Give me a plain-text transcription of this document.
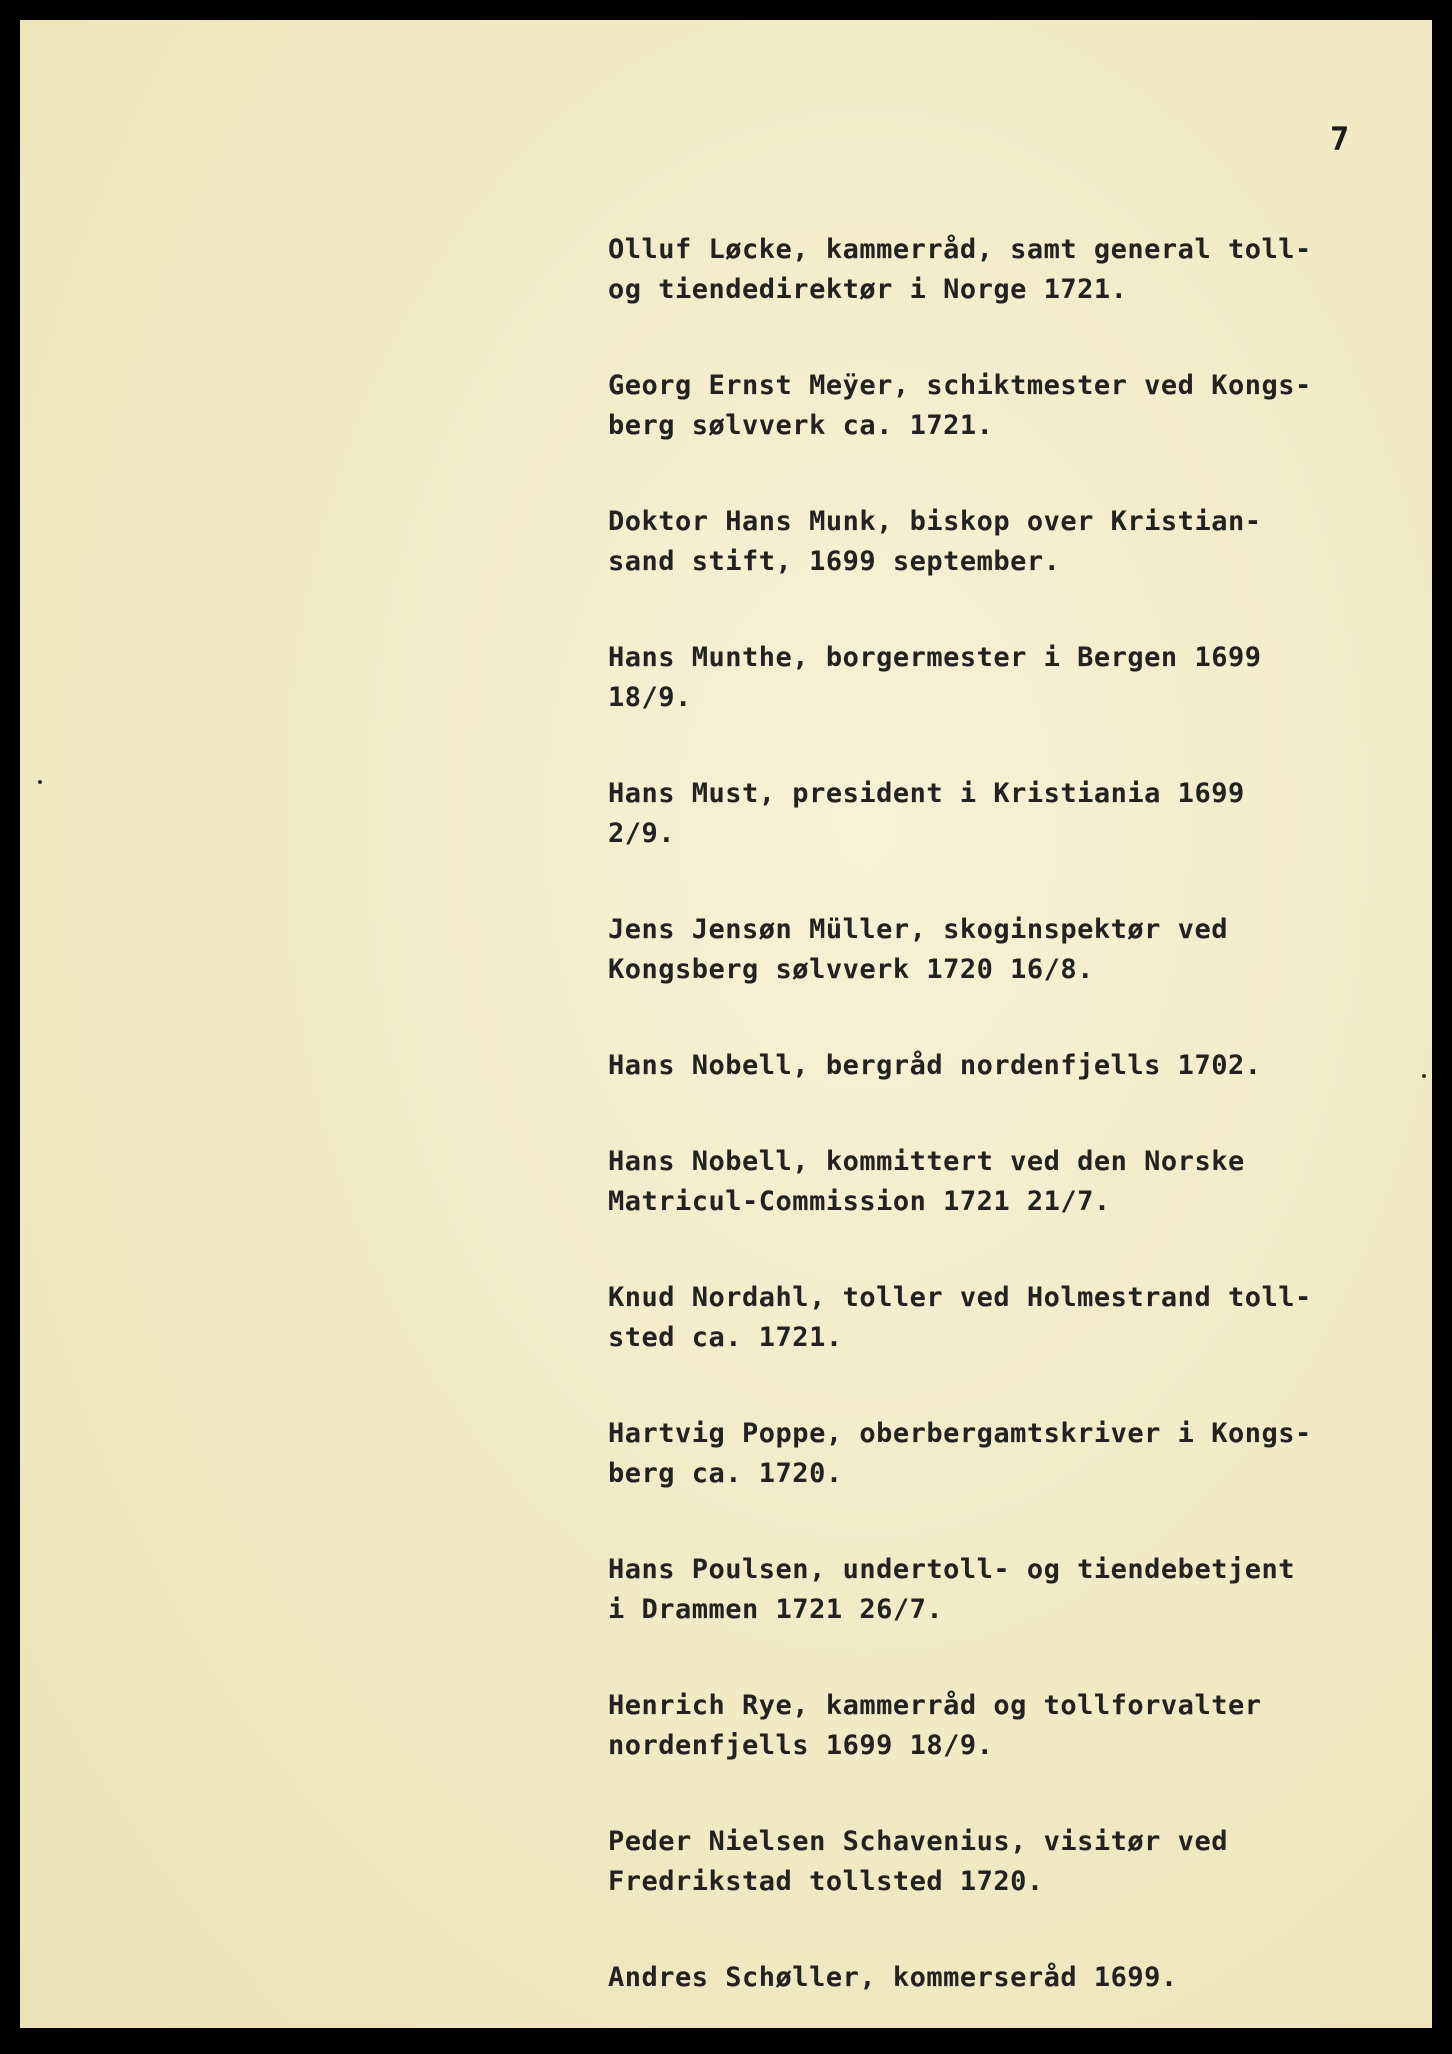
7
Olluf Løcke, kammerråd, samt general toll-
og tiendedirektør i Norge 1721.
Georg Ernst Meÿer, schiktmester ved Kongs-
berg sølvverk ca. 1721.
Doktor Hans Munk, biskop over Kristian-
sand stift, 1699 september.
Hans Munthe, borgermester i Bergen 1699
18/9.
Hans Must, president i Kristiania 1699
2/9.
Jens Jensøn Müller, skoginspektør ved
Kongsberg sølvverk 1720 16/8.
Hans Nobell, bergråd nordenfjells 1702.
Hans Nobell, kommittert ved den Norske
Matricul-Commission 1721 21/7.
Knud Nordahl, toller ved Holmestrand toll-
sted ca. 1721.
Hartvig Poppe, oberbergamtskriver i Kongs-
berg ca. 1720.
Hans Poulsen, undertoll- og tiendebetjent
i Drammen 1721 26/7.
Henrich Rye, kammerråd og tollforvalter
nordenfjells 1699 18/9.
Peder Nielsen Schavenius, visitør ved
Fredrikstad tollsted 1720.
Andres Schøller, kommerseråd 1699.
